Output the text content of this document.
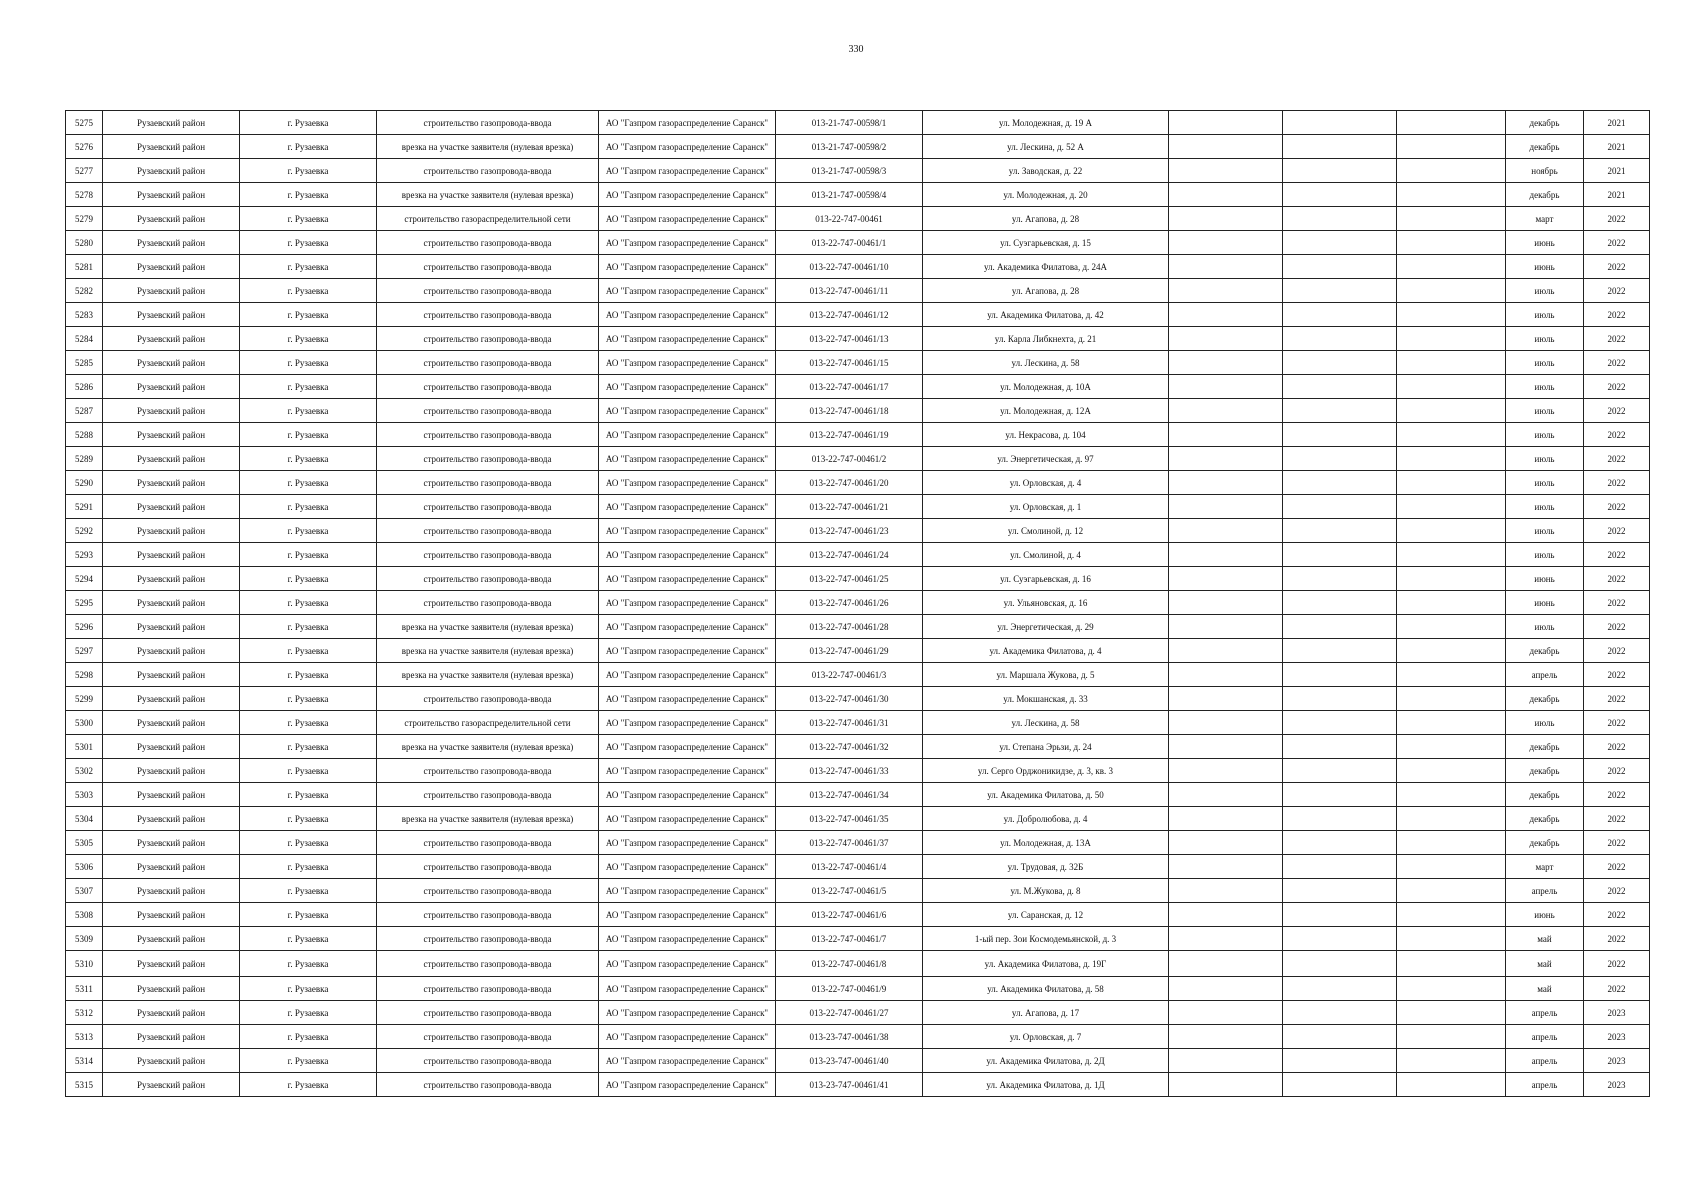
330
5275	Рузаевский район	г. Рузаевка	строительство газопровода-ввода	АО "Газпром газораспределение Саранск"	013-21-747-00598/1	ул. Молодежная, д. 19 А				декабрь	2021
5276	Рузаевский район	г. Рузаевка	врезка на участке заявителя (нулевая врезка)	АО "Газпром газораспределение Саранск"	013-21-747-00598/2	ул. Лескина, д. 52 А				декабрь	2021
5277	Рузаевский район	г. Рузаевка	строительство газопровода-ввода	АО "Газпром газораспределение Саранск"	013-21-747-00598/3	ул. Заводская, д. 22				ноябрь	2021
5278	Рузаевский район	г. Рузаевка	врезка на участке заявителя (нулевая врезка)	АО "Газпром газораспределение Саранск"	013-21-747-00598/4	ул. Молодежная, д. 20				декабрь	2021
5279	Рузаевский район	г. Рузаевка	строительство газораспределительной сети	АО "Газпром газораспределение Саранск"	013-22-747-00461	ул. Агапова, д. 28				март	2022
5280	Рузаевский район	г. Рузаевка	строительство газопровода-ввода	АО "Газпром газораспределение Саранск"	013-22-747-00461/1	ул. Суэгарьевская, д. 15				июнь	2022
5281	Рузаевский район	г. Рузаевка	строительство газопровода-ввода	АО "Газпром газораспределение Саранск"	013-22-747-00461/10	ул. Академика Филатова, д. 24А				июнь	2022
5282	Рузаевский район	г. Рузаевка	строительство газопровода-ввода	АО "Газпром газораспределение Саранск"	013-22-747-00461/11	ул. Агапова, д. 28				июль	2022
5283	Рузаевский район	г. Рузаевка	строительство газопровода-ввода	АО "Газпром газораспределение Саранск"	013-22-747-00461/12	ул. Академика Филатова, д. 42				июль	2022
5284	Рузаевский район	г. Рузаевка	строительство газопровода-ввода	АО "Газпром газораспределение Саранск"	013-22-747-00461/13	ул. Карла Либкнехта, д. 21				июль	2022
5285	Рузаевский район	г. Рузаевка	строительство газопровода-ввода	АО "Газпром газораспределение Саранск"	013-22-747-00461/15	ул. Лескина, д. 58				июль	2022
5286	Рузаевский район	г. Рузаевка	строительство газопровода-ввода	АО "Газпром газораспределение Саранск"	013-22-747-00461/17	ул. Молодежная, д. 10А				июль	2022
5287	Рузаевский район	г. Рузаевка	строительство газопровода-ввода	АО "Газпром газораспределение Саранск"	013-22-747-00461/18	ул. Молодежная, д. 12А				июль	2022
5288	Рузаевский район	г. Рузаевка	строительство газопровода-ввода	АО "Газпром газораспределение Саранск"	013-22-747-00461/19	ул. Некрасова, д. 104				июль	2022
5289	Рузаевский район	г. Рузаевка	строительство газопровода-ввода	АО "Газпром газораспределение Саранск"	013-22-747-00461/2	ул. Энергетическая, д. 97				июль	2022
5290	Рузаевский район	г. Рузаевка	строительство газопровода-ввода	АО "Газпром газораспределение Саранск"	013-22-747-00461/20	ул. Орловская, д. 4				июль	2022
5291	Рузаевский район	г. Рузаевка	строительство газопровода-ввода	АО "Газпром газораспределение Саранск"	013-22-747-00461/21	ул. Орловская, д. 1				июль	2022
5292	Рузаевский район	г. Рузаевка	строительство газопровода-ввода	АО "Газпром газораспределение Саранск"	013-22-747-00461/23	ул. Смолиной, д. 12				июль	2022
5293	Рузаевский район	г. Рузаевка	строительство газопровода-ввода	АО "Газпром газораспределение Саранск"	013-22-747-00461/24	ул. Смолиной, д. 4				июль	2022
5294	Рузаевский район	г. Рузаевка	строительство газопровода-ввода	АО "Газпром газораспределение Саранск"	013-22-747-00461/25	ул. Суэгарьевская, д. 16				июнь	2022
5295	Рузаевский район	г. Рузаевка	строительство газопровода-ввода	АО "Газпром газораспределение Саранск"	013-22-747-00461/26	ул. Ульяновская, д. 16				июнь	2022
5296	Рузаевский район	г. Рузаевка	врезка на участке заявителя (нулевая врезка)	АО "Газпром газораспределение Саранск"	013-22-747-00461/28	ул. Энергетическая, д. 29				июль	2022
5297	Рузаевский район	г. Рузаевка	врезка на участке заявителя (нулевая врезка)	АО "Газпром газораспределение Саранск"	013-22-747-00461/29	ул. Академика Филатова, д. 4				декабрь	2022
5298	Рузаевский район	г. Рузаевка	врезка на участке заявителя (нулевая врезка)	АО "Газпром газораспределение Саранск"	013-22-747-00461/3	ул. Маршала Жукова, д. 5				апрель	2022
5299	Рузаевский район	г. Рузаевка	строительство газопровода-ввода	АО "Газпром газораспределение Саранск"	013-22-747-00461/30	ул. Мокшанская, д. 33				декабрь	2022
5300	Рузаевский район	г. Рузаевка	строительство газораспределительной сети	АО "Газпром газораспределение Саранск"	013-22-747-00461/31	ул. Лескина, д. 58				июль	2022
5301	Рузаевский район	г. Рузаевка	врезка на участке заявителя (нулевая врезка)	АО "Газпром газораспределение Саранск"	013-22-747-00461/32	ул. Степана Эрьзи, д. 24				декабрь	2022
5302	Рузаевский район	г. Рузаевка	строительство газопровода-ввода	АО "Газпром газораспределение Саранск"	013-22-747-00461/33	ул. Серго Орджоникидзе, д. 3, кв. 3				декабрь	2022
5303	Рузаевский район	г. Рузаевка	строительство газопровода-ввода	АО "Газпром газораспределение Саранск"	013-22-747-00461/34	ул. Академика Филатова, д. 50				декабрь	2022
5304	Рузаевский район	г. Рузаевка	врезка на участке заявителя (нулевая врезка)	АО "Газпром газораспределение Саранск"	013-22-747-00461/35	ул. Добролюбова, д. 4				декабрь	2022
5305	Рузаевский район	г. Рузаевка	строительство газопровода-ввода	АО "Газпром газораспределение Саранск"	013-22-747-00461/37	ул. Молодежная, д. 13А				декабрь	2022
5306	Рузаевский район	г. Рузаевка	строительство газопровода-ввода	АО "Газпром газораспределение Саранск"	013-22-747-00461/4	ул. Трудовая, д. 32Б				март	2022
5307	Рузаевский район	г. Рузаевка	строительство газопровода-ввода	АО "Газпром газораспределение Саранск"	013-22-747-00461/5	ул. М.Жукова, д. 8				апрель	2022
5308	Рузаевский район	г. Рузаевка	строительство газопровода-ввода	АО "Газпром газораспределение Саранск"	013-22-747-00461/6	ул. Саранская, д. 12				июнь	2022
5309	Рузаевский район	г. Рузаевка	строительство газопровода-ввода	АО "Газпром газораспределение Саранск"	013-22-747-00461/7	1-ый пер. Зои Космодемьянской, д. 3				май	2022
5310	Рузаевский район	г. Рузаевка	строительство газопровода-ввода	АО "Газпром газораспределение Саранск"	013-22-747-00461/8	ул. Академика Филатова, д. 19Г				май	2022
5311	Рузаевский район	г. Рузаевка	строительство газопровода-ввода	АО "Газпром газораспределение Саранск"	013-22-747-00461/9	ул. Академика Филатова, д. 58				май	2022
5312	Рузаевский район	г. Рузаевка	строительство газопровода-ввода	АО "Газпром газораспределение Саранск"	013-22-747-00461/27	ул. Агапова, д. 17				апрель	2023
5313	Рузаевский район	г. Рузаевка	строительство газопровода-ввода	АО "Газпром газораспределение Саранск"	013-23-747-00461/38	ул. Орловская, д. 7				апрель	2023
5314	Рузаевский район	г. Рузаевка	строительство газопровода-ввода	АО "Газпром газораспределение Саранск"	013-23-747-00461/40	ул. Академика Филатова, д. 2Д				апрель	2023
5315	Рузаевский район	г. Рузаевка	строительство газопровода-ввода	АО "Газпром газораспределение Саранск"	013-23-747-00461/41	ул. Академика Филатова, д. 1Д				апрель	2023
